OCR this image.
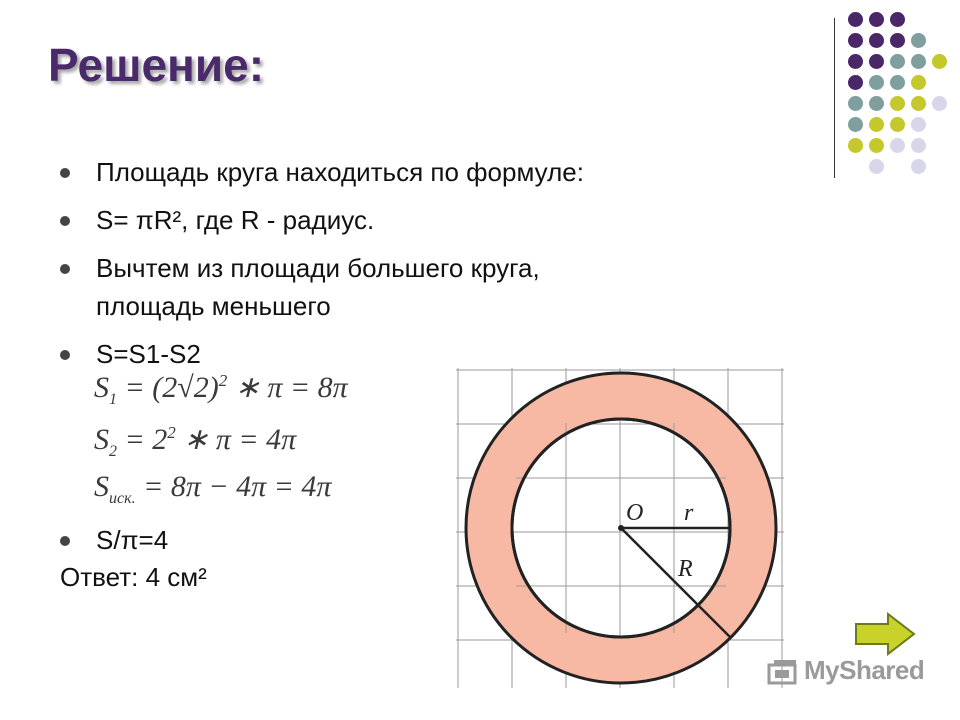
Решение:
Площадь круга находиться по формуле:
S= πR², где R - радиус.
Вычтем из площади большего круга,
площадь меньшего
S=S1-S2
S/π=4
$S_1 = (2√2)^2$ ∗ π = 8π
$S_2 = 2^2$ ∗ π = 4π
$S_{иск.} = 8\pi - 4\pi = 4\pi$
Ответ: 4 см²
O r
R
MyShared
